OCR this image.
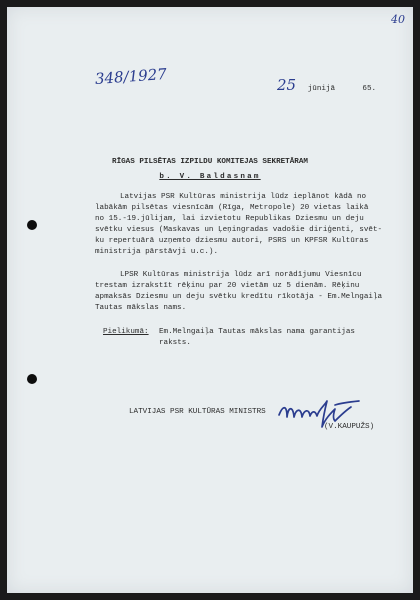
40
348/1927	25 jūnijā      65.
RĪGAS PILSĒTAS IZPILDU KOMITEJAS SEKRETĀRAM
b. V. Baldasnam
Latvijas PSR Kultūras ministrija lūdz ieplānot kādā no
labākām pilsētas viesnīcām (Rīga, Metropole) 20 vietas laikā
no 15.-19.jūlijam, lai izvietotu Republikas Dziesmu un deju
svētku viesus (Maskavas un Ļeņingradas vadošie diriģenti, svēt-
ku repertuārā uzņemto dziesmu autori, PSRS un KPFSR Kultūras
ministrija pārstāvji u.c.).
LPSR Kultūras ministrija lūdz arī norādījumu Viesnīcu
trestam izrakstīt rēķinu par 20 vietām uz 5 dienām. Rēķinu
apmaksās Dziesmu un deju svētku kredītu rīkotāja - Em.Melngaiļa
Tautas mākslas nams.
Pielikumā: Em.Melngaiļa Tautas mākslas nama garantijas
raksts.
LATVIJAS PSR KULTŪRAS MINISTRS
(V.KAUPUŽS)
